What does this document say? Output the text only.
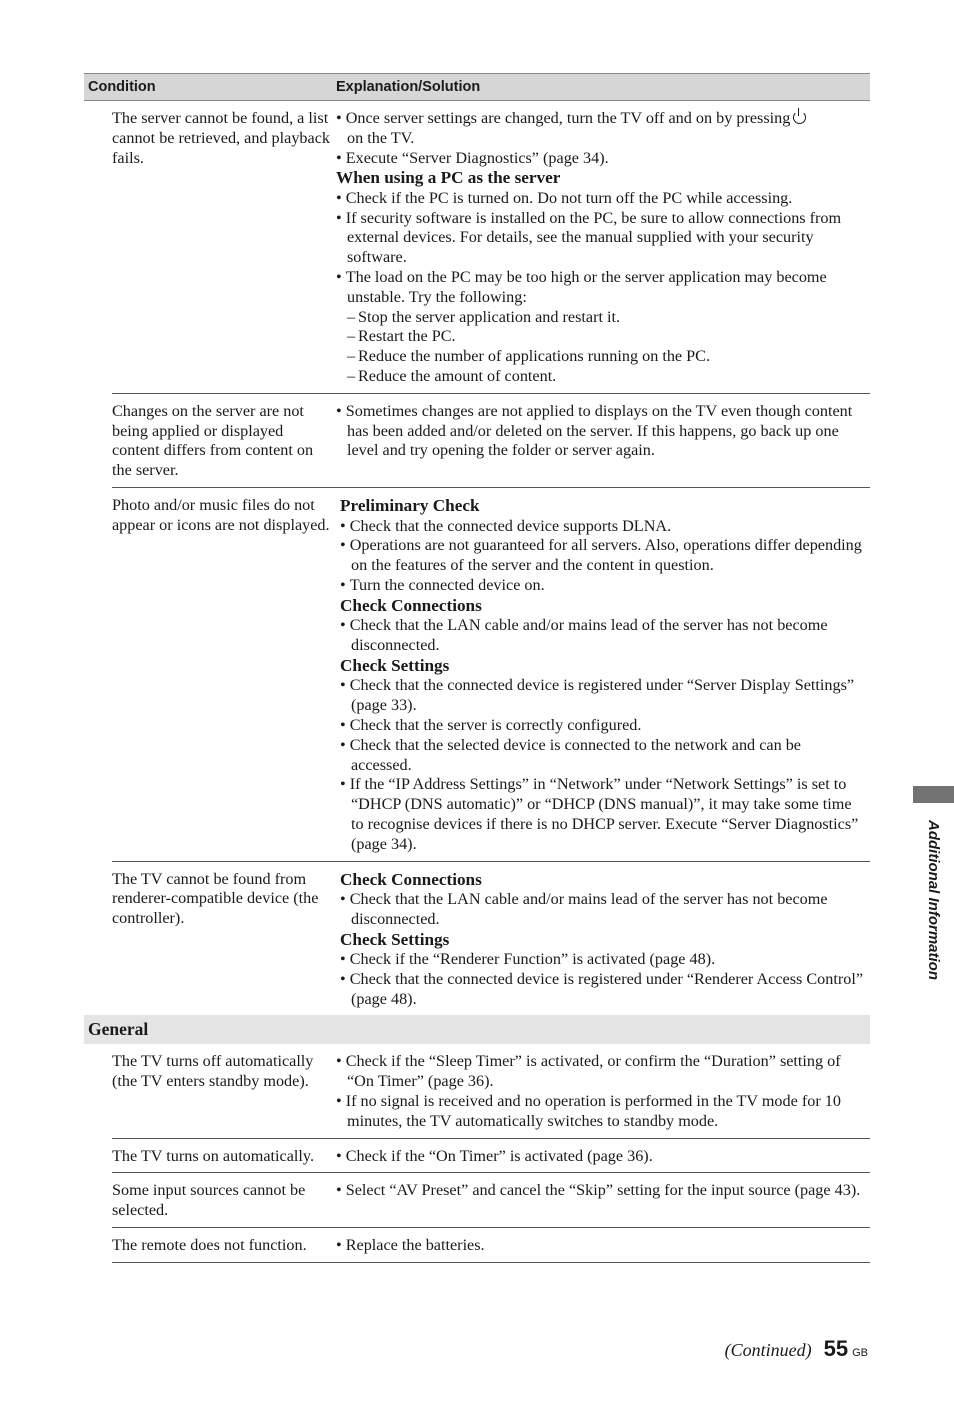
Condition	Explanation/Solution
The server cannot be found, a list cannot be retrieved, and playback fails.
• Once server settings are changed, turn the TV off and on by pressing
on the TV.
• Execute “Server Diagnostics” (page 34).
When using a PC as the server
• Check if the PC is turned on. Do not turn off the PC while accessing.
• If security software is installed on the PC, be sure to allow connections from external devices. For details, see the manual supplied with your security software.
• The load on the PC may be too high or the server application may become unstable. Try the following:
– Stop the server application and restart it.
– Restart the PC.
– Reduce the number of applications running on the PC.
– Reduce the amount of content.
Changes on the server are not being applied or displayed content differs from content on the server.
• Sometimes changes are not applied to displays on the TV even though content has been added and/or deleted on the server. If this happens, go back up one level and try opening the folder or server again.
Photo and/or music files do not appear or icons are not displayed.
Preliminary Check
• Check that the connected device supports DLNA.
• Operations are not guaranteed for all servers. Also, operations differ depending on the features of the server and the content in question.
• Turn the connected device on.
Check Connections
• Check that the LAN cable and/or mains lead of the server has not become disconnected.
Check Settings
• Check that the connected device is registered under “Server Display Settings” (page 33).
• Check that the server is correctly configured.
• Check that the selected device is connected to the network and can be accessed.
• If the “IP Address Settings” in “Network” under “Network Settings” is set to “DHCP (DNS automatic)” or “DHCP (DNS manual)”, it may take some time to recognise devices if there is no DHCP server. Execute “Server Diagnostics” (page 34).
The TV cannot be found from renderer-compatible device (the controller).
Check Connections
• Check that the LAN cable and/or mains lead of the server has not become disconnected.
Check Settings
• Check if the “Renderer Function” is activated (page 48).
• Check that the connected device is registered under “Renderer Access Control” (page 48).
General
The TV turns off automatically (the TV enters standby mode).
• Check if the “Sleep Timer” is activated, or confirm the “Duration” setting of “On Timer” (page 36).
• If no signal is received and no operation is performed in the TV mode for 10 minutes, the TV automatically switches to standby mode.
The TV turns on automatically.	• Check if the “On Timer” is activated (page 36).
Some input sources cannot be selected.
• Select “AV Preset” and cancel the “Skip” setting for the input source (page 43).
The remote does not function.	• Replace the batteries.
Additional Information
(Continued) 55 GB
